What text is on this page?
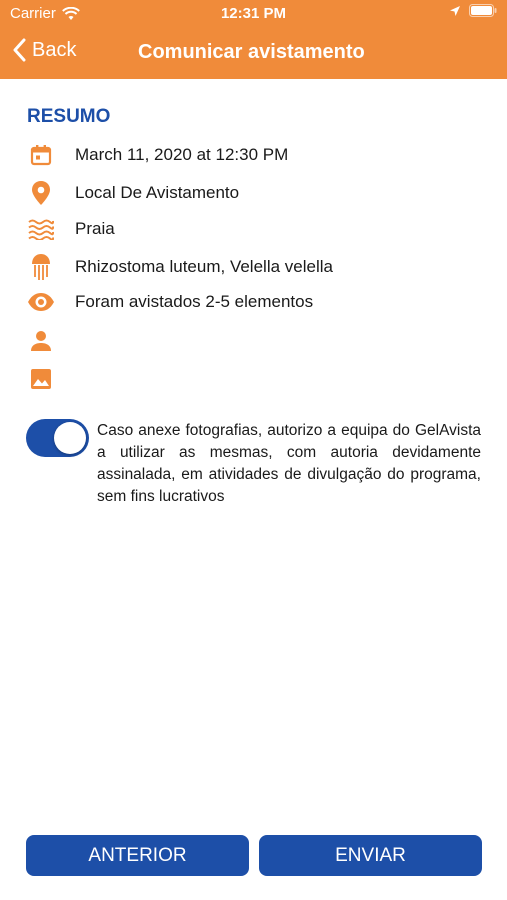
Carrier	12:31 PM
Back	Comunicar avistamento
RESUMO
March 11, 2020 at 12:30 PM
Local De Avistamento
Praia
Rhizostoma luteum, Velella velella
Foram avistados 2-5 elementos
Caso anexe fotografias, autorizo a equipa do GelAvista a utilizar as mesmas, com autoria devidamente assinalada, em atividades de divulgação do programa, sem fins lucrativos
ANTERIOR	ENVIAR
